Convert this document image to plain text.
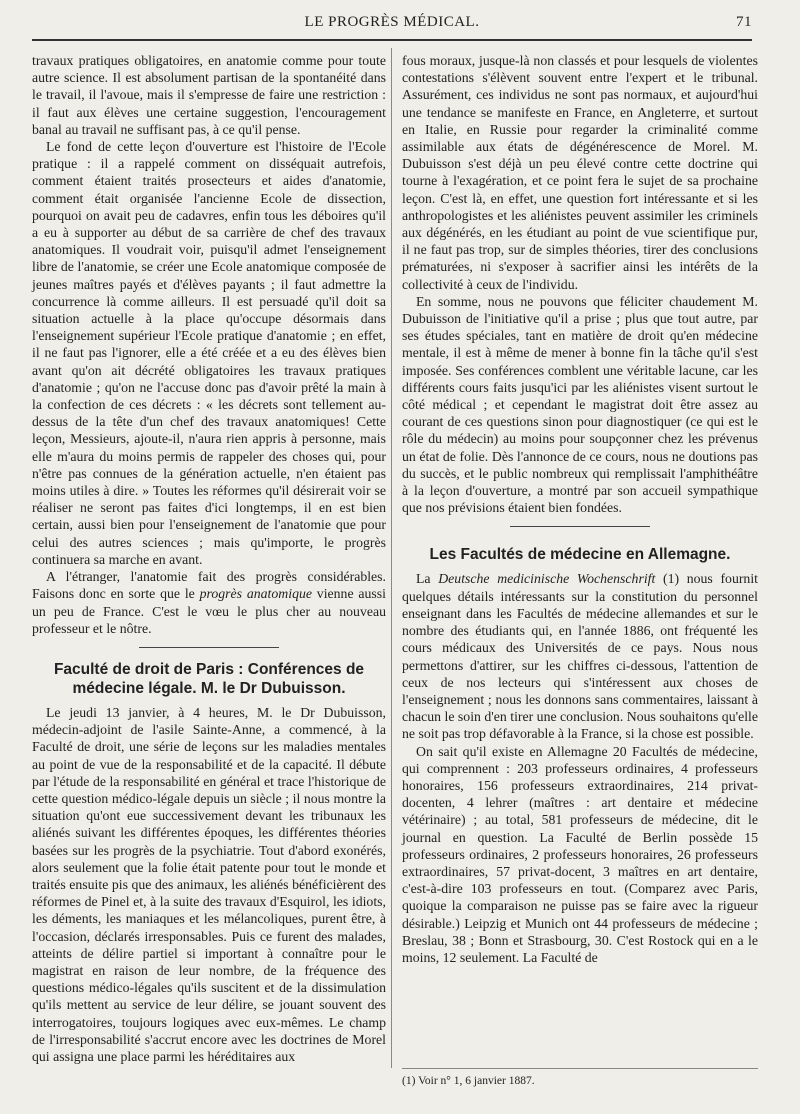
LE PROGRÈS MÉDICAL.	71

travaux pratiques obligatoires, en anatomie comme pour toute autre science. Il est absolument partisan de la spontanéité dans le travail, il l'avoue, mais il s'empresse de faire une restriction : il faut aux élèves une certaine suggestion, l'encouragement banal au travail ne suffisant pas, à ce qu'il pense.

Le fond de cette leçon d'ouverture est l'histoire de l'Ecole pratique : il a rappelé comment on disséquait autrefois, comment étaient traités prosecteurs et aides d'anatomie, comment était organisée l'ancienne Ecole de dissection, pourquoi on avait peu de cadavres, enfin tous les déboires qu'il a eu à supporter au début de sa carrière de chef des travaux anatomiques. Il voudrait voir, puisqu'il admet l'enseignement libre de l'anatomie, se créer une Ecole anatomique composée de jeunes maîtres payés et d'élèves payants ; il faut admettre la concurrence là comme ailleurs. Il est persuadé qu'il doit sa situation actuelle à la place qu'occupe désormais dans l'enseignement supérieur l'Ecole pratique d'anatomie ; en effet, il ne faut pas l'ignorer, elle a été créée et a eu des élèves bien avant qu'on ait décrété obligatoires les travaux pratiques d'anatomie ; qu'on ne l'accuse donc pas d'avoir prêté la main à la confection de ces décrets : « les décrets sont tellement au-dessus de la tête d'un chef des travaux anatomiques! Cette leçon, Messieurs, ajoute-il, n'aura rien appris à personne, mais elle m'aura du moins permis de rappeler des choses qui, pour n'être pas connues de la génération actuelle, n'en étaient pas moins utiles à dire. » Toutes les réformes qu'il désirerait voir se réaliser ne seront pas faites d'ici longtemps, il en est bien certain, aussi bien pour l'enseignement de l'anatomie que pour celui des autres sciences ; mais qu'importe, le progrès continuera sa marche en avant.

A l'étranger, l'anatomie fait des progrès considérables. Faisons donc en sorte que le progrès anatomique vienne aussi un peu de France. C'est le vœu le plus cher au nouveau professeur et le nôtre.

Faculté de droit de Paris : Conférences de médecine légale. M. le Dr Dubuisson.

Le jeudi 13 janvier, à 4 heures, M. le Dr Dubuisson, médecin-adjoint de l'asile Sainte-Anne, a commencé, à la Faculté de droit, une série de leçons sur les maladies mentales au point de vue de la responsabilité et de la capacité. Il débute par l'étude de la responsabilité en général et trace l'historique de cette question médico-légale depuis un siècle ; il nous montre la situation qu'ont eue successivement devant les tribunaux les aliénés suivant les différentes époques, les différentes théories basées sur les progrès de la psychiatrie. Tout d'abord exonérés, alors seulement que la folie était patente pour tout le monde et traités ensuite pis que des animaux, les aliénés bénéficièrent des réformes de Pinel et, à la suite des travaux d'Esquirol, les idiots, les déments, les maniaques et les mélancoliques, purent être, à l'occasion, déclarés irresponsables. Puis ce furent des malades, atteints de délire partiel si important à connaître pour le magistrat en raison de leur nombre, de la fréquence des questions médico-légales qu'ils suscitent et de la dissimulation qu'ils mettent au service de leur délire, se jouant souvent des interrogatoires, toujours logiques avec eux-mêmes. Le champ de l'irresponsabilité s'accrut encore avec les doctrines de Morel qui assigna une place parmi les héréditaires aux

fous moraux, jusque-là non classés et pour lesquels de violentes contestations s'élèvent souvent entre l'expert et le tribunal. Assurément, ces individus ne sont pas normaux, et aujourd'hui une tendance se manifeste en France, en Angleterre, et surtout en Italie, en Russie pour regarder la criminalité comme assimilable aux états de dégénérescence de Morel. M. Dubuisson s'est déjà un peu élevé contre cette doctrine qui tourne à l'exagération, et ce point fera le sujet de sa prochaine leçon. C'est là, en effet, une question fort intéressante et si les anthropologistes et les aliénistes peuvent assimiler les criminels aux dégénérés, en les étudiant au point de vue scientifique pur, il ne faut pas trop, sur de simples théories, tirer des conclusions prématurées, ni s'exposer à sacrifier ainsi les intérêts de la collectivité à ceux de l'individu.

En somme, nous ne pouvons que féliciter chaudement M. Dubuisson de l'initiative qu'il a prise ; plus que tout autre, par ses études spéciales, tant en matière de droit qu'en médecine mentale, il est à même de mener à bonne fin la tâche qu'il s'est imposée. Ses conférences comblent une véritable lacune, car les différents cours faits jusqu'ici par les aliénistes visent surtout le côté médical ; et cependant le magistrat doit être assez au courant de ces questions sinon pour diagnostiquer (ce qui est le rôle du médecin) au moins pour soupçonner chez les prévenus un état de folie. Dès l'annonce de ce cours, nous ne doutions pas du succès, et le public nombreux qui remplissait l'amphithéâtre à la leçon d'ouverture, a montré par son accueil sympathique que nos prévisions étaient bien fondées.

Les Facultés de médecine en Allemagne.

La Deutsche medicinische Wochenschrift (1) nous fournit quelques détails intéressants sur la constitution du personnel enseignant dans les Facultés de médecine allemandes et sur le nombre des étudiants qui, en l'année 1886, ont fréquenté les cours médicaux des Universités de ce pays. Nous nous permettons d'attirer, sur les chiffres ci-dessous, l'attention de ceux de nos lecteurs qui s'intéressent aux choses de l'enseignement ; nous les donnons sans commentaires, laissant à chacun le soin d'en tirer une conclusion. Nous souhaitons qu'elle ne soit pas trop défavorable à la France, si la chose est possible.

On sait qu'il existe en Allemagne 20 Facultés de médecine, qui comprennent : 203 professeurs ordinaires, 4 professeurs honoraires, 156 professeurs extraordinaires, 214 privat-docenten, 4 lehrer (maîtres : art dentaire et médecine vétérinaire) ; au total, 581 professeurs de médecine, dit le journal en question. La Faculté de Berlin possède 15 professeurs ordinaires, 2 professeurs honoraires, 26 professeurs extraordinaires, 57 privat-docent, 3 maîtres en art dentaire, c'est-à-dire 103 professeurs en tout. (Comparez avec Paris, quoique la comparaison ne puisse pas se faire avec la rigueur désirable.) Leipzig et Munich ont 44 professeurs de médecine ; Breslau, 38 ; Bonn et Strasbourg, 30. C'est Rostock qui en a le moins, 12 seulement. La Faculté de

(1) Voir n° 1, 6 janvier 1887.
